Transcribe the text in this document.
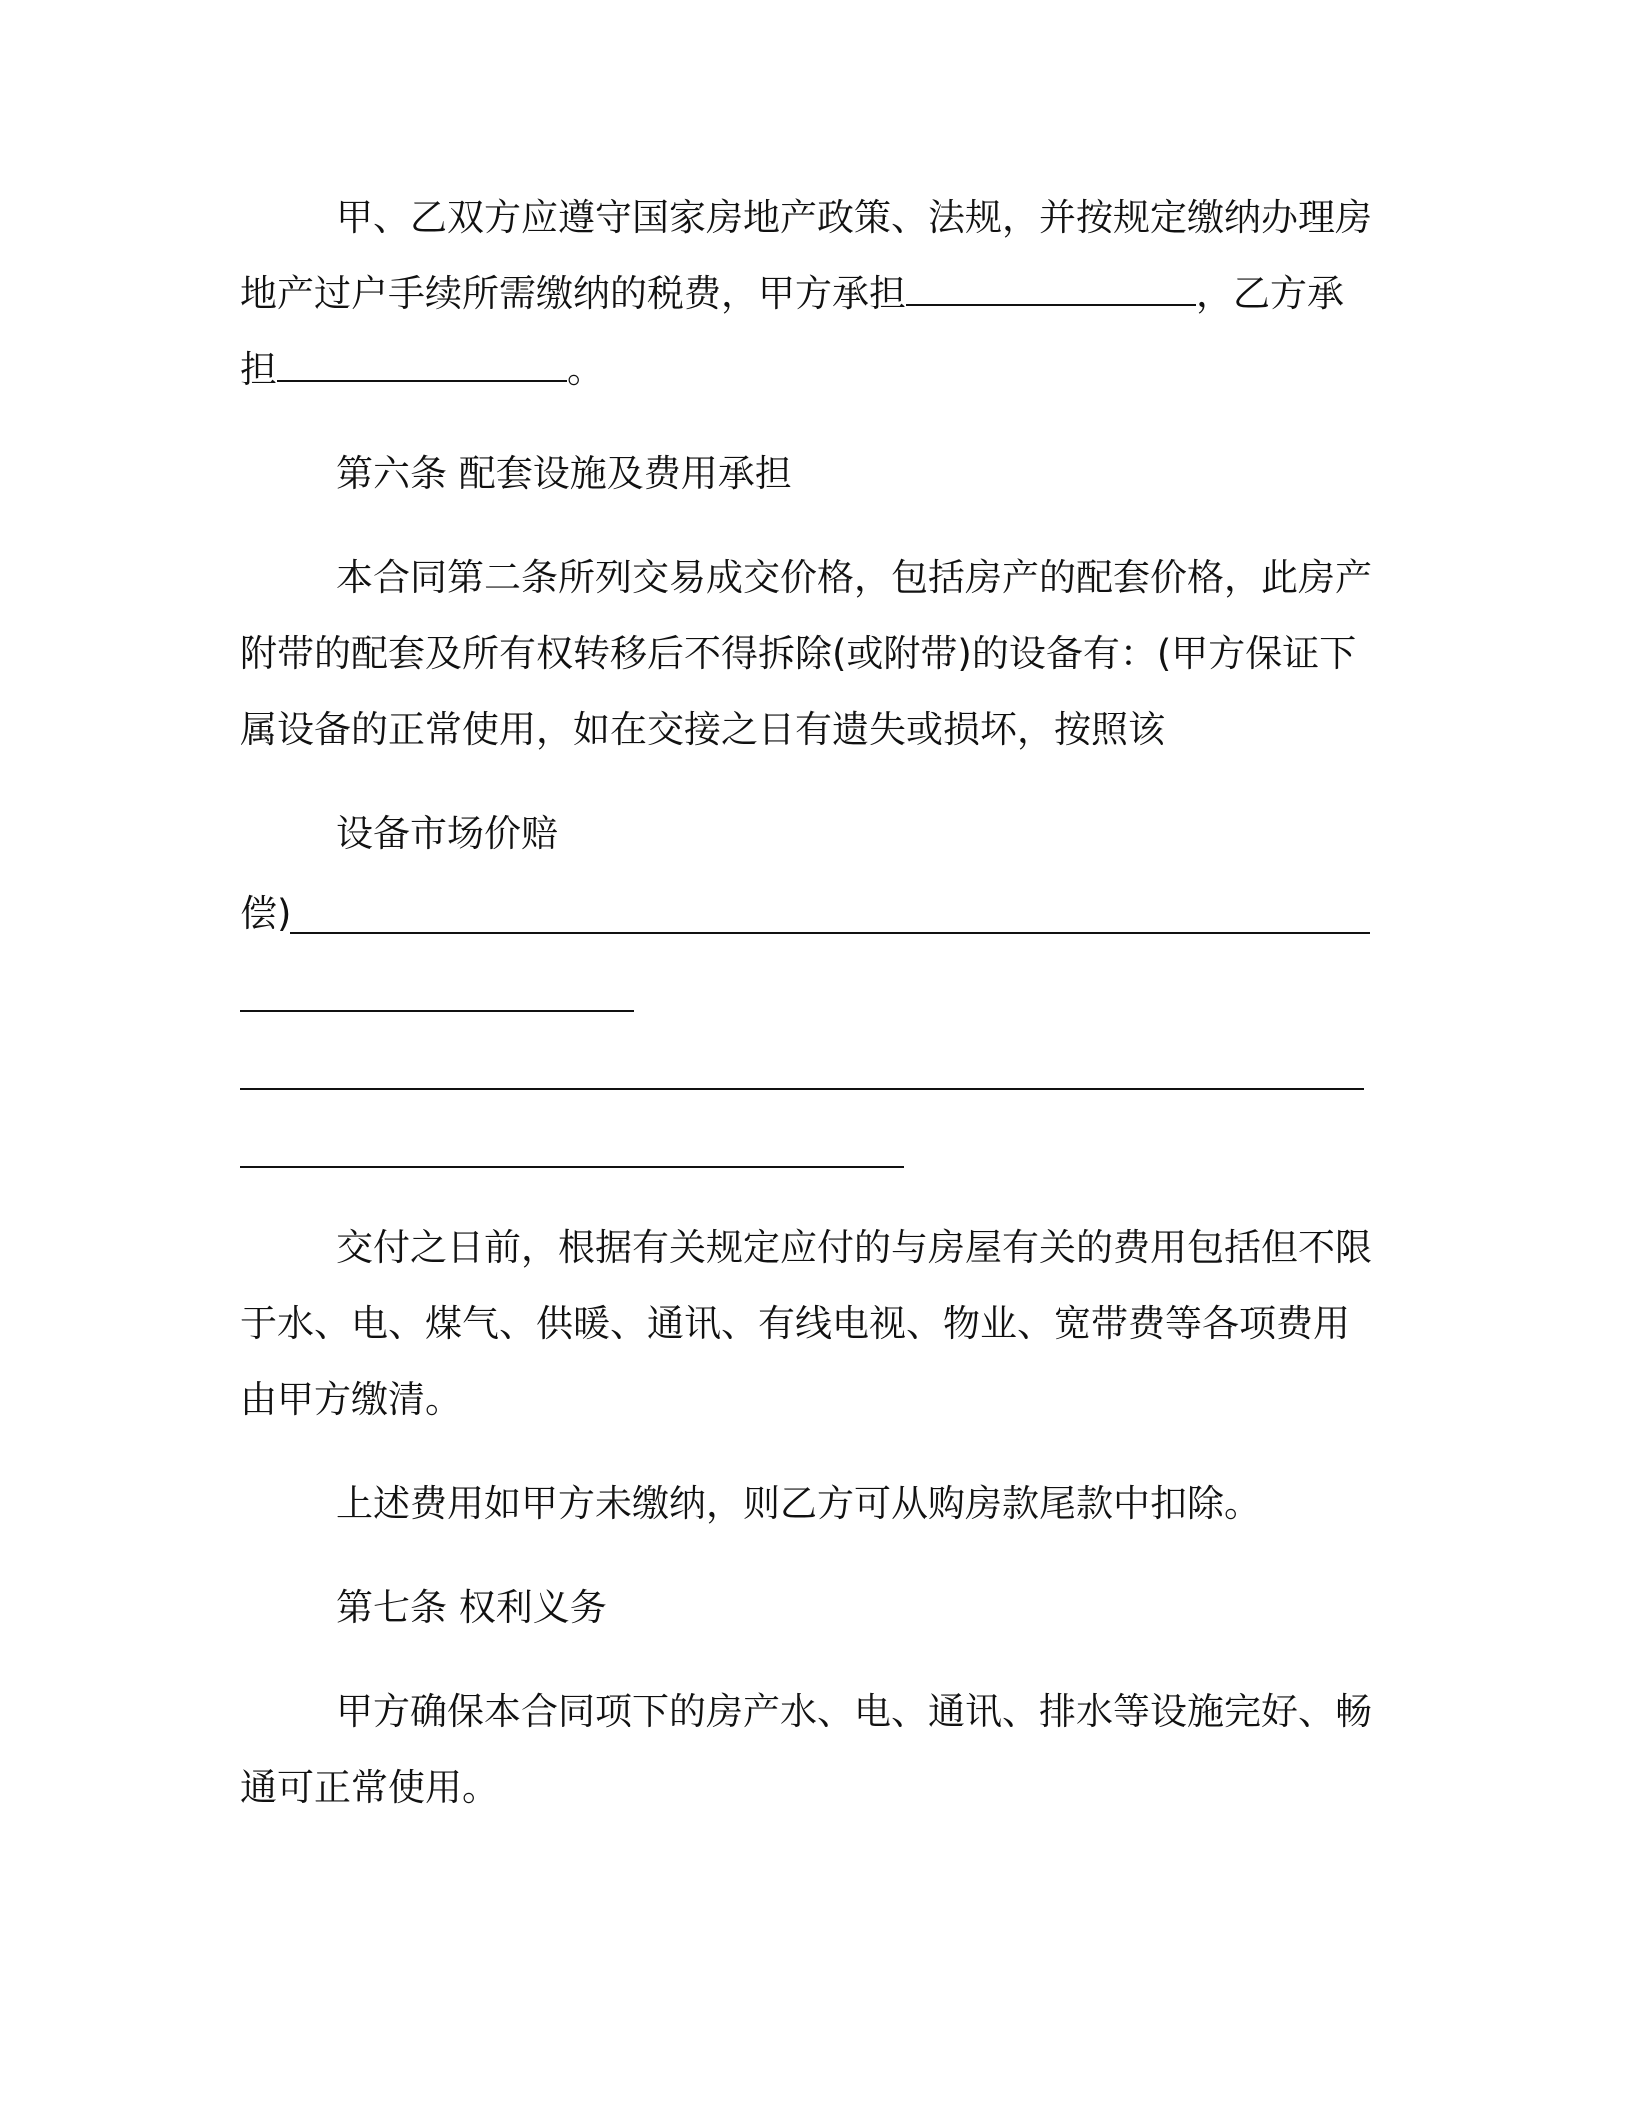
甲、乙双方应遵守国家房地产政策、法规，并按规定缴纳办理房
地产过户手续所需缴纳的税费，甲方承担	，乙方承
担	。
第六条 配套设施及费用承担
本合同第二条所列交易成交价格，包括房产的配套价格，此房产
附带的配套及所有权转移后不得拆除(或附带)的设备有：(甲方保证下
属设备的正常使用，如在交接之日有遗失或损坏，按照该
设备市场价赔
偿)
交付之日前，根据有关规定应付的与房屋有关的费用包括但不限
于水、电、煤气、供暖、通讯、有线电视、物业、宽带费等各项费用
由甲方缴清。
上述费用如甲方未缴纳，则乙方可从购房款尾款中扣除。
第七条 权利义务
甲方确保本合同项下的房产水、电、通讯、排水等设施完好、畅
通可正常使用。
